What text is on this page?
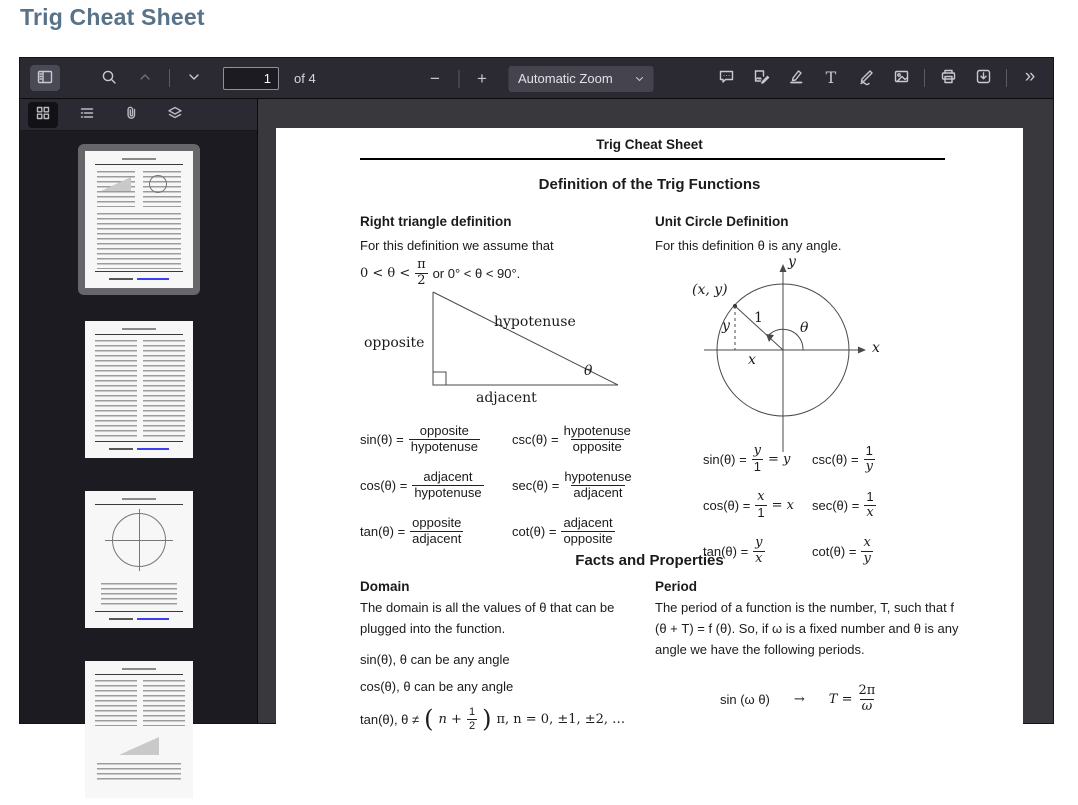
Trig Cheat Sheet
1
of 4	− + Automatic Zoom	T	»
Trig Cheat Sheet
Definition of the Trig Functions
Right triangle definition
For this definition we assume that
$0 < \theta < \frac{\pi}{2}$ or 0° < θ < 90°.
opposite
hypotenuse
adjacent
θ
$\sin(\theta) = \frac{\text{opposite}}{\text{hypotenuse}} \csc(\theta) = \frac{\text{hypotenuse}}{\text{opposite}}$
$\cos(\theta) = \frac{\text{adjacent}}{\text{hypotenuse}} \sec(\theta) = \frac{\text{hypotenuse}}{\text{adjacent}}$
$\tan(\theta) = \frac{\text{opposite}}{\text{adjacent}}$	$\cot(\theta) = \frac{\text{adjacent}}{\text{opposite}}$
Unit Circle Definition
For this definition θ is any angle.
y
x
(x, y)
1
θ
y
x
$\sin(\theta) = \frac{y}{1} = y$ $\csc(\theta) = \frac{1}{y}$
$\cos(\theta) = \frac{x}{1} = x$ $\sec(\theta) = \frac{1}{x}$
$\tan(\theta) = \frac{y}{x}$	$\cot(\theta) = \frac{x}{y}$
Facts and Properties
Domain
The domain is all the values of θ that can be plugged into the function.
sin(θ), θ can be any angle
cos(θ), θ can be any angle
tan(θ), θ ≠ ( $n + \frac{1}{2}$ ) π, n = 0, ±1, ±2, …
Period
The period of a function is the number, T, such that f (θ + T) = f (θ). So, if ω is a fixed number and θ is any angle we have the following periods.
sin (ω $\theta) \to T = \frac{2\pi}{\omega}$
